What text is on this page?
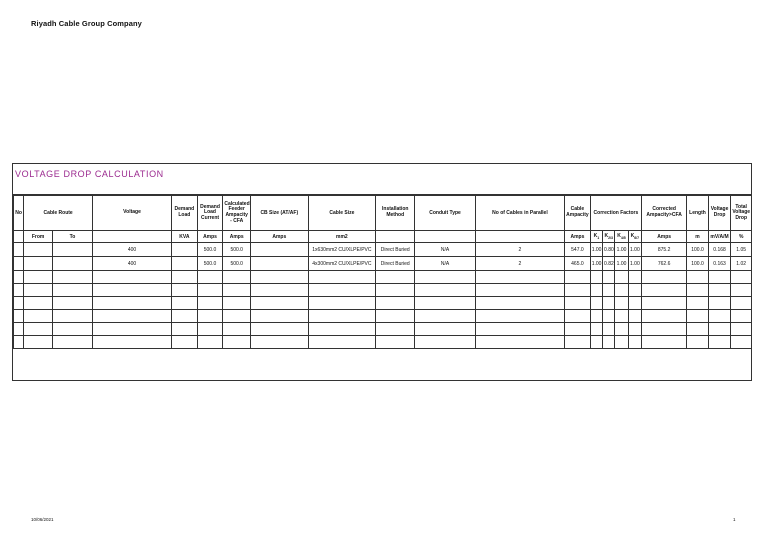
Riyadh Cable Group Company
VOLTAGE DROP CALCULATION
No	Cable Route		Voltage	Demand Load	Demand Load Current	Calculated Feeder Ampacity - CFA	CB Size (AT/AF)	Cable Size	Installation Method	Conduit Type	No of Cables in Parallel	Cable Ampacity	Correction Factors				Corrected Ampacity>CFA	Length	Voltage Drop	Total Voltage Drop
	From	To		KVA	Amps	Amps	Amps	mm2				Amps	$K_1$	$K_{2/3}$	$K_{4/5}$	$K_{6/7}$	Amps	m	mV/A/M	%
			400		500.0	500.0		1x630mm2 CU/XLPE/PVC	Direct Buried	N/A	2	547.0	1.00	0.80	1.00	1.00	875.2	100.0	0.168	1.05
			400		500.0	500.0		4x300mm2 CU/XLPE/PVC	Direct Buried	N/A	2	465.0	1.00	0.82	1.00	1.00	762.6	100.0	0.163	1.02

10/06/2021	1
